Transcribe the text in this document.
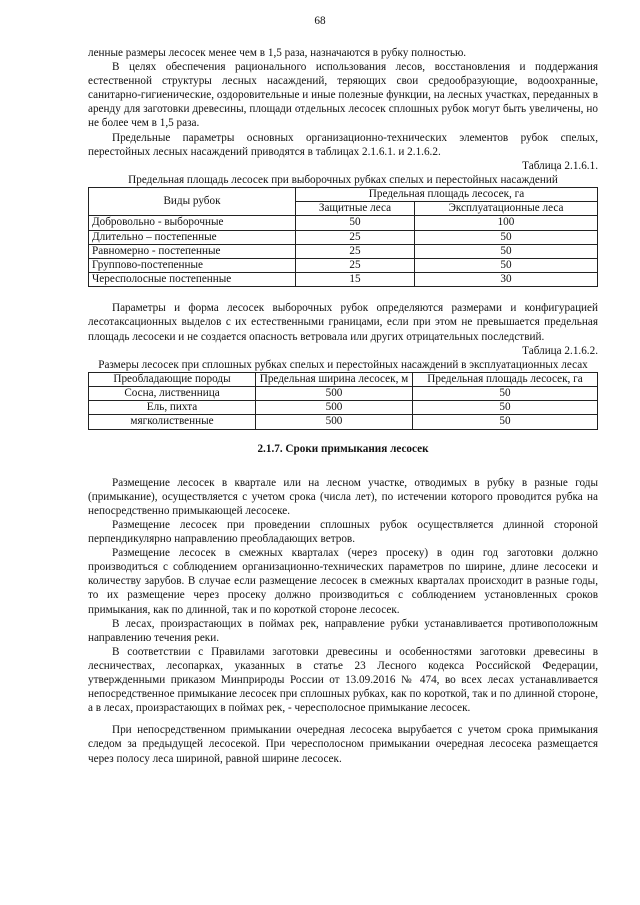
68

ленные размеры лесосек менее чем в 1,5 раза, назначаются в рубку полностью.

В целях обеспечения рационального использования лесов, восстановления и поддержания естественной структуры лесных насаждений, теряющих свои средообразующие, водоохранные, санитарно-гигиенические, оздоровительные и иные полезные функции, на лесных участках, переданных в аренду для заготовки древесины, площади отдельных лесосек сплошных рубок могут быть увеличены, но не более чем в 1,5 раза.

Предельные параметры основных организационно-технических элементов рубок спелых, перестойных лесных насаждений приводятся в таблицах 2.1.6.1. и 2.1.6.2.

Таблица 2.1.6.1.

Предельная площадь лесосек при выборочных рубках спелых и перестойных насаждений

Виды рубок	Предельная площадь лесосек, га	
	Защитные леса	Эксплуатационные леса
Добровольно - выборочные	50	100
Длительно – постепенные	25	50
Равномерно - постепенные	25	50
Группово-постепенные	25	50
Чересполосные постепенные	15	30

Параметры и форма лесосек выборочных рубок определяются размерами и конфигурацией лесотаксационных выделов с их естественными границами, если при этом не превышается предельная площадь лесосеки и не создается опасность ветровала или других отрицательных последствий.

Таблица 2.1.6.2.

Размеры лесосек при сплошных рубках спелых и перестойных насаждений в эксплуатационных лесах

Преобладающие породы	Предельная ширина лесосек, м	Предельная площадь лесосек, га
Сосна, лиственница	500	50
Ель, пихта	500	50
мягколиственные	500	50

2.1.7. Сроки примыкания лесосек

Размещение лесосек в квартале или на лесном участке, отводимых в рубку в разные годы (примыкание), осуществляется с учетом срока (числа лет), по истечении которого проводится рубка на непосредственно примыкающей лесосеке.

Размещение лесосек при проведении сплошных рубок осуществляется длинной стороной перпендикулярно направлению преобладающих ветров.

Размещение лесосек в смежных кварталах (через просеку) в один год заготовки должно производиться с соблюдением организационно-технических параметров по ширине, длине лесосеки и количеству зарубов. В случае если размещение лесосек в смежных кварталах происходит в разные годы, то их размещение через просеку должно производиться с соблюдением установленных сроков примыкания, как по длинной, так и по короткой стороне лесосек.

В лесах, произрастающих в поймах рек, направление рубки устанавливается противоположным направлению течения реки.

В соответствии с Правилами заготовки древесины и особенностями заготовки древесины в лесничествах, лесопарках, указанных в статье 23 Лесного кодекса Российской Федерации, утвержденными приказом Минприроды России от 13.09.2016 № 474, во всех лесах устанавливается непосредственное примыкание лесосек при сплошных рубках, как по короткой, так и по длинной стороне, а в лесах, произрастающих в поймах рек, - чересполосное примыкание лесосек.

При непосредственном примыкании очередная лесосека вырубается с учетом срока примыкания следом за предыдущей лесосекой. При чересполосном примыкании очередная лесосека размещается через полосу леса шириной, равной ширине лесосек.
